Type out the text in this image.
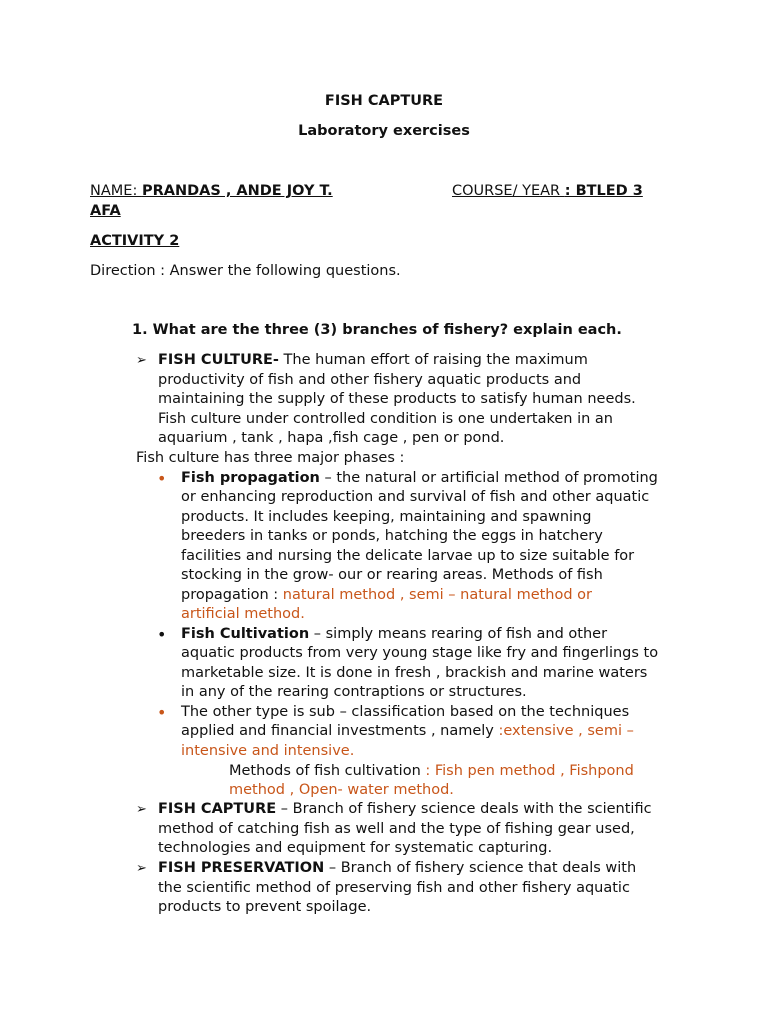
FISH CAPTURE
Laboratory exercises
NAME: PRANDAS , ANDE JOY T.	COURSE/ YEAR : BTLED 3
AFA
ACTIVITY 2
Direction : Answer the following questions.
1. What are the three (3) branches of fishery? explain each.
➢ FISH CULTURE- The human effort of raising the maximum
productivity of fish and other fishery aquatic products and
maintaining the supply of these products to satisfy human needs.
Fish culture under controlled condition is one undertaken in an
aquarium , tank , hapa ,fish cage , pen or pond.
Fish culture has three major phases :
• Fish propagation – the natural or artificial method of promoting
or enhancing reproduction and survival of fish and other aquatic
products. It includes keeping, maintaining and spawning
breeders in tanks or ponds, hatching the eggs in hatchery
facilities and nursing the delicate larvae up to size suitable for
stocking in the grow- our or rearing areas. Methods of fish
propagation : natural method , semi – natural method or
artificial method.
• Fish Cultivation – simply means rearing of fish and other
aquatic products from very young stage like fry and fingerlings to
marketable size. It is done in fresh , brackish and marine waters
in any of the rearing contraptions or structures.
• The other type is sub – classification based on the techniques
applied and financial investments , namely :extensive , semi –
intensive and intensive.
Methods of fish cultivation : Fish pen method , Fishpond
method , Open- water method.
➢ FISH CAPTURE – Branch of fishery science deals with the scientific
method of catching fish as well and the type of fishing gear used,
technologies and equipment for systematic capturing.
➢ FISH PRESERVATION – Branch of fishery science that deals with
the scientific method of preserving fish and other fishery aquatic
products to prevent spoilage.
